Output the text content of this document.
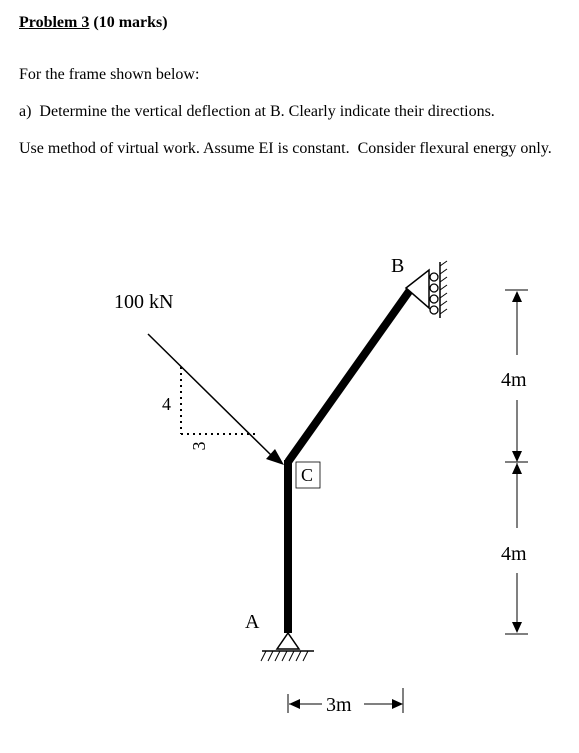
Problem 3 (10 marks)
For the frame shown below:
a)  Determine the vertical deflection at B. Clearly indicate their directions.
Use method of virtual work. Assume EI is constant.  Consider flexural energy only.
100 kN
4
3
B
C
A
4m
4m
3m
